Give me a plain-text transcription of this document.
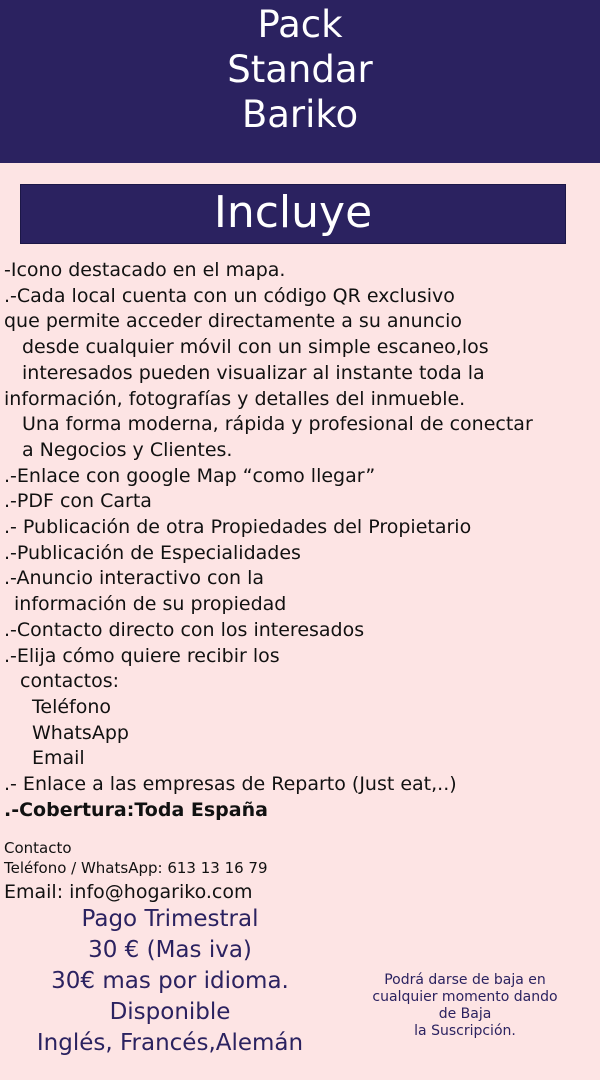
Pack
Standar
Bariko
Incluye
-Icono destacado en el mapa.
.-Cada local cuenta con un código QR exclusivo
que permite acceder directamente a su anuncio
desde cualquier móvil con un simple escaneo,los
interesados pueden visualizar al instante toda la
información, fotografías y detalles del inmueble.
Una forma moderna, rápida y profesional de conectar
a Negocios y Clientes.
.-Enlace con google Map “como llegar”
.-PDF con Carta
.- Publicación de otra Propiedades del Propietario
.-Publicación de Especialidades
.-Anuncio interactivo con la
información de su propiedad
.-Contacto directo con los interesados
.-Elija cómo quiere recibir los
contactos:
Teléfono
WhatsApp
Email
.- Enlace a las empresas de Reparto (Just eat,..)
.-Cobertura:Toda España
Contacto
Teléfono / WhatsApp: 613 13 16 79
Email: info@hogariko.com
Pago Trimestral
30 € (Mas iva)
30€ mas por idioma.
Disponible
Inglés, Francés,Alemán
Podrá darse de baja en
cualquier momento dando
de Baja
la Suscripción.
